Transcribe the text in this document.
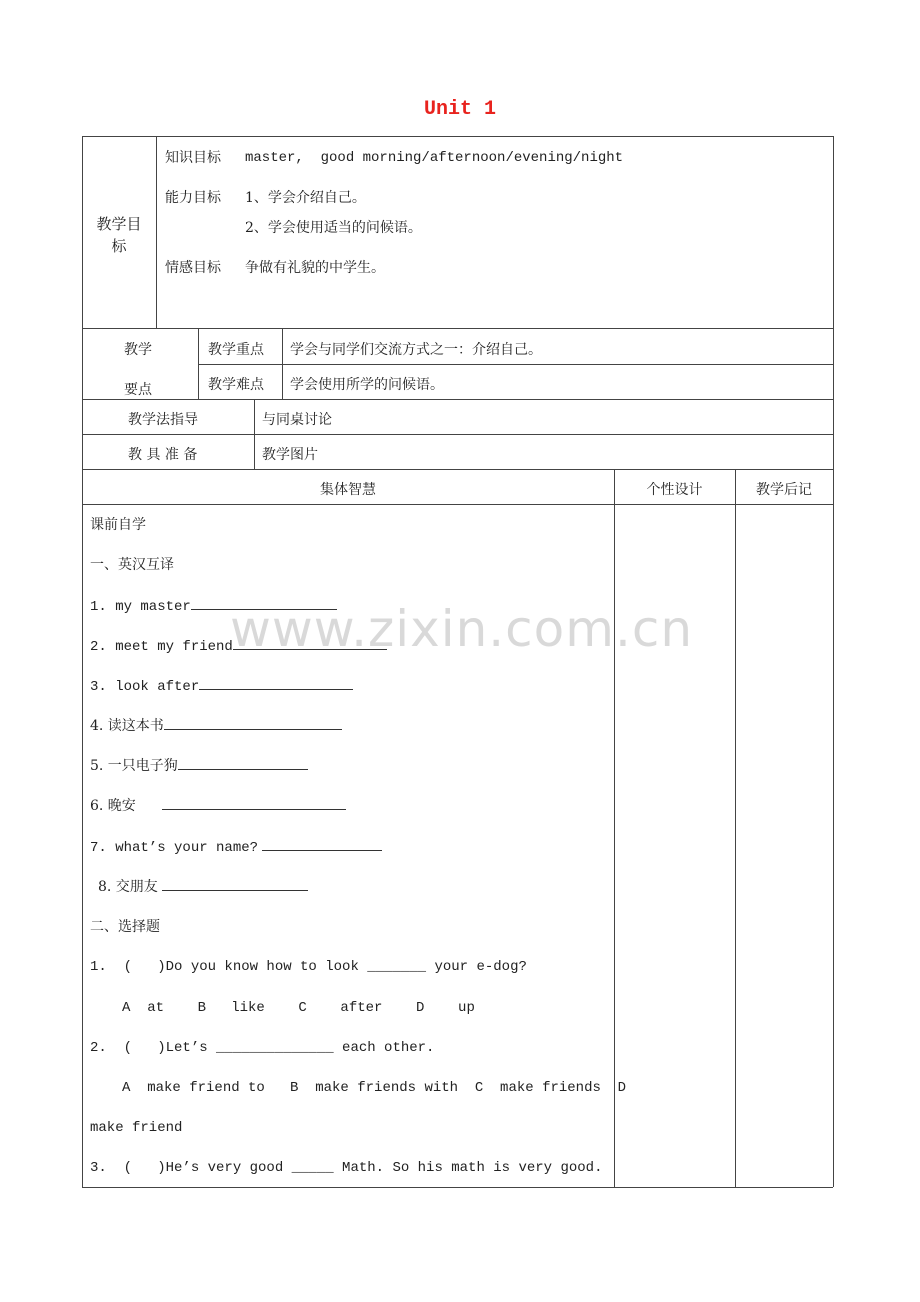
Unit 1
教学目
标
知识目标 master,  good morning/afternoon/evening/night
能力目标 1、学会介绍自己。
2、学会使用适当的问候语。
情感目标 争做有礼貌的中学生。
教学
要点
教学重点 学会与同学们交流方式之一：介绍自己。
教学难点 学会使用所学的问候语。
教学法指导	与同桌讨论
教 具 准 备	教学图片
集体智慧	个性设计	教学后记
www.zixin.com.cn
课前自学
一、英汉互译
1. my master
2. meet my friend
3. look after
4. 读这本书
5. 一只电子狗
6. 晚安
7. what’s your name?
8. 交朋友
二、选择题
1.  (   )Do you know how to look _______ your e-dog?
A  at    B   like    C    after    D    up
2.  (   )Let’s ______________ each other.
A  make friend to   B  make friends with  C  make friends  D
make friend
3.  (   )He’s very good _____ Math. So his math is very good.
